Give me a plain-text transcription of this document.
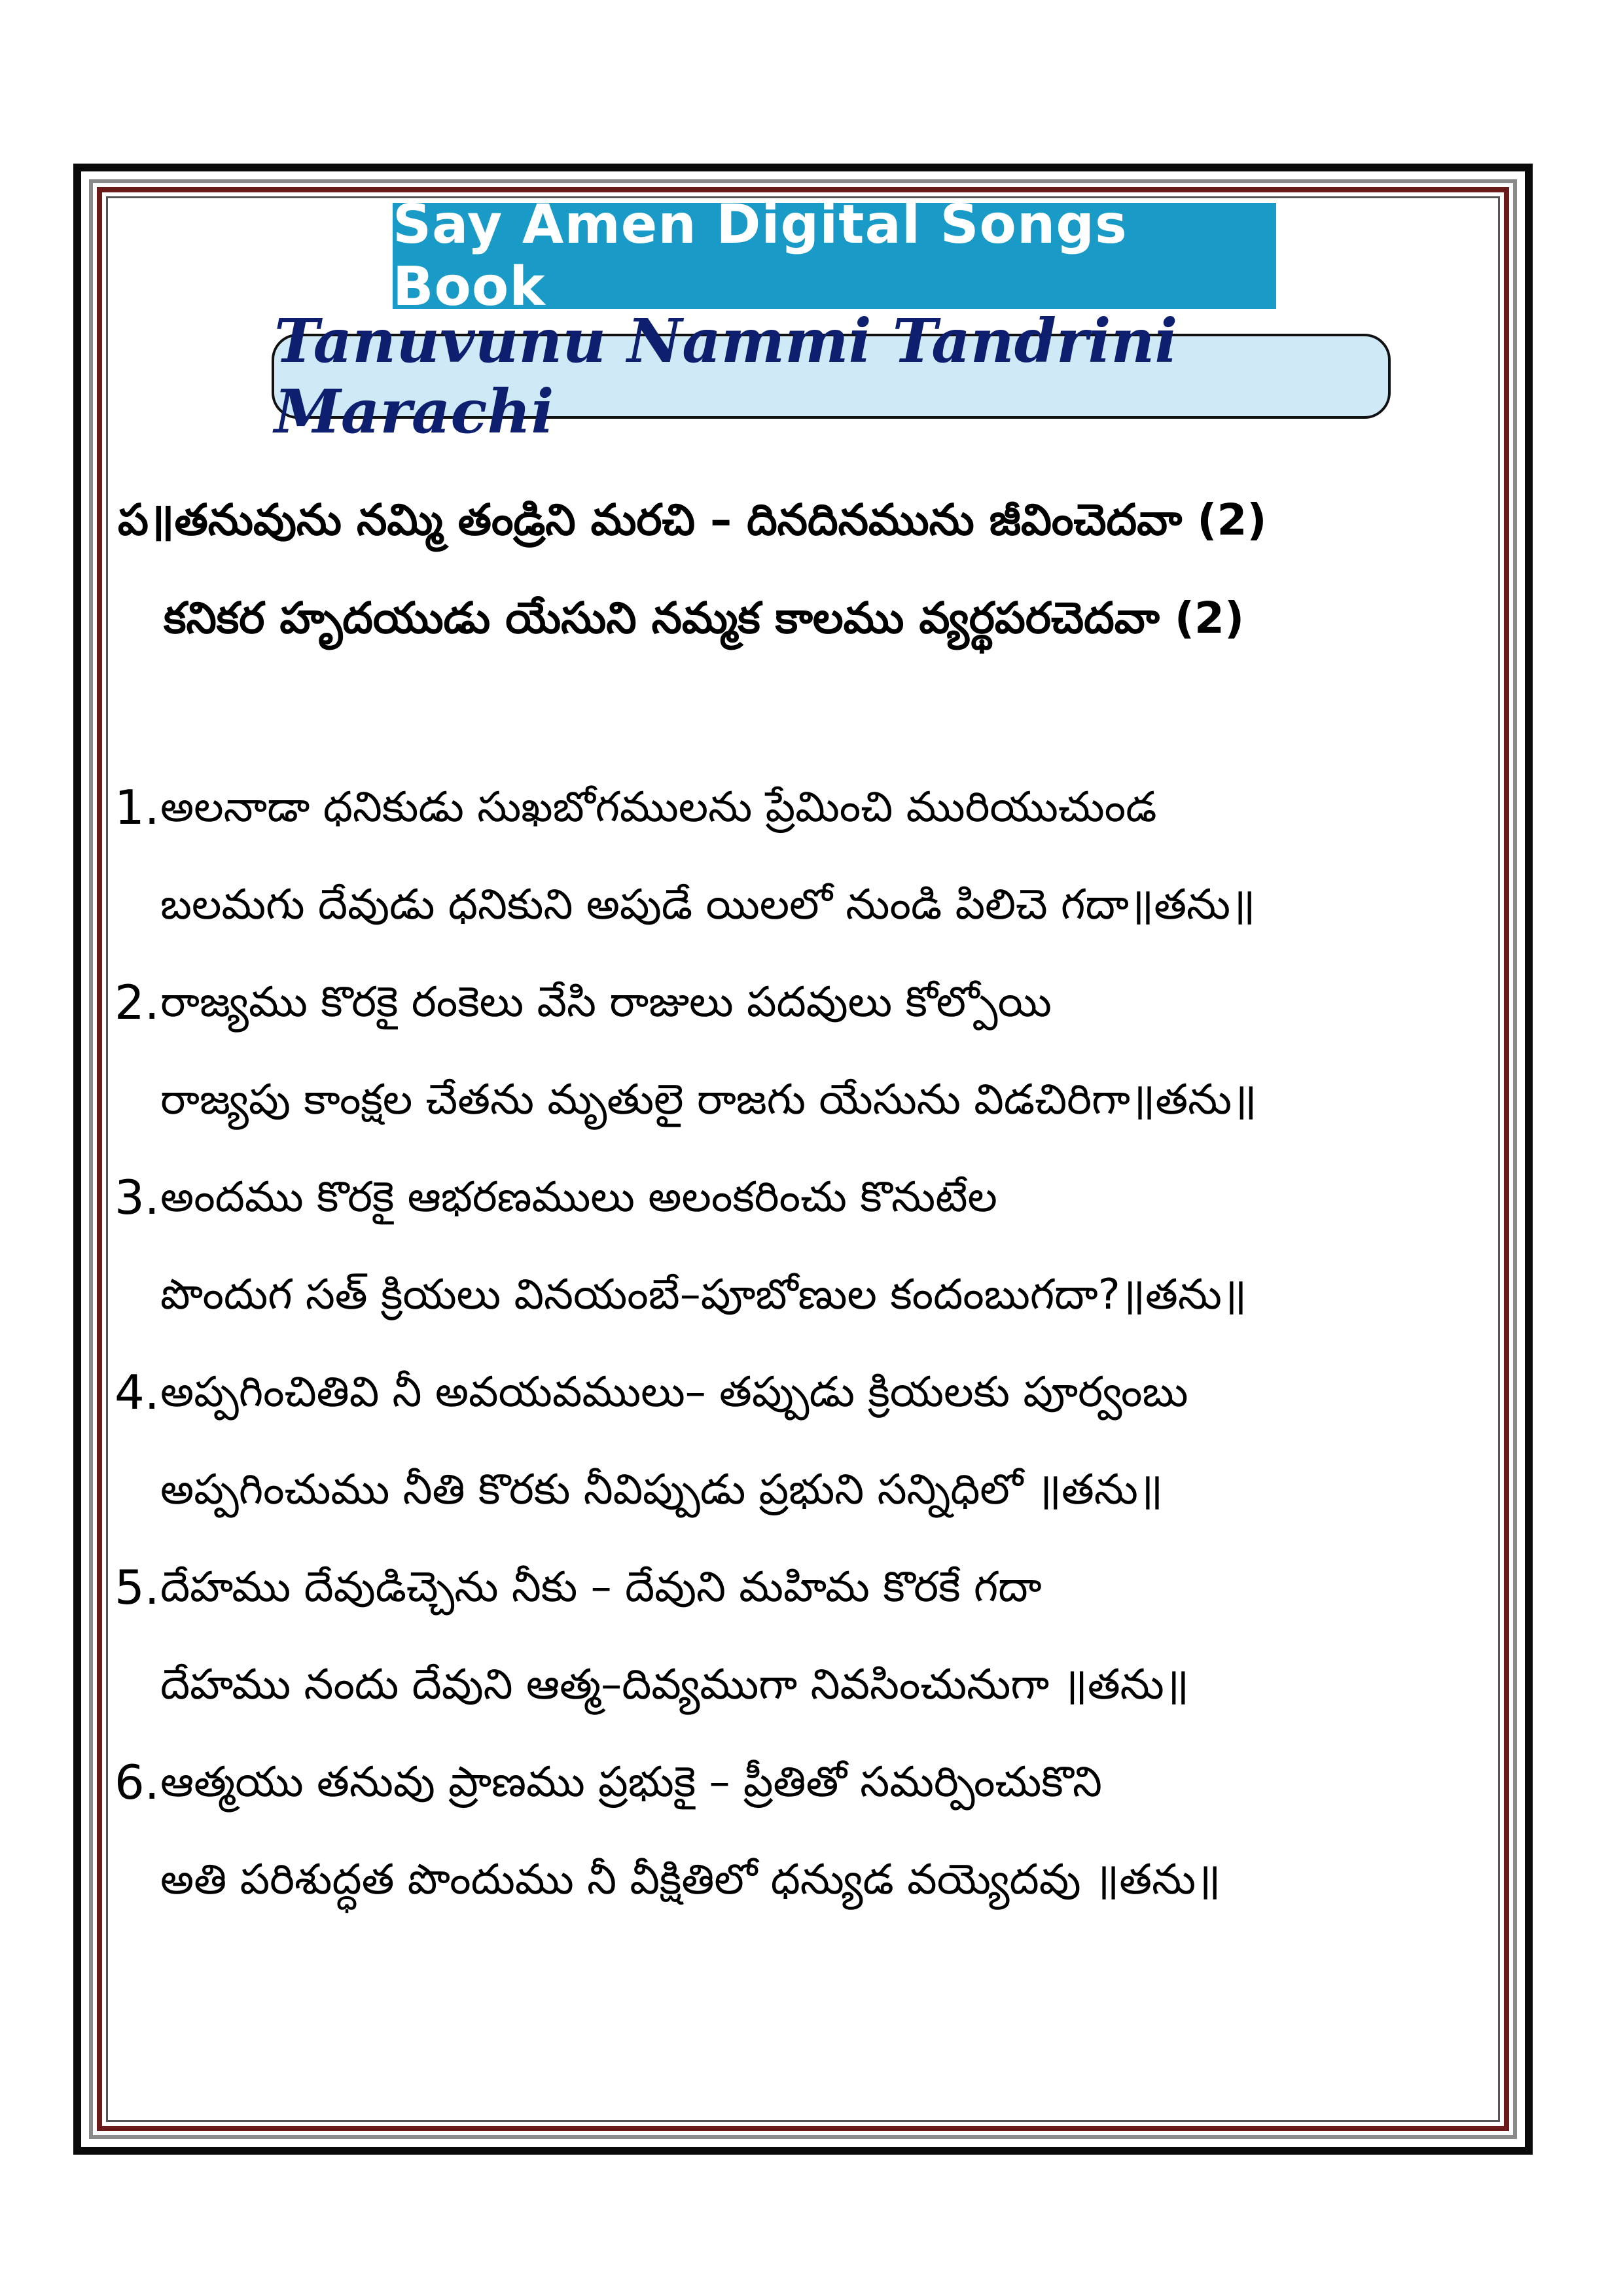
Say Amen Digital Songs Book
Tanuvunu Nammi Tandrini Marachi
ప॥తనువును నమ్మి తండ్రిని మరచి – దినదినమును జీవించెదవా (2)
కనికర హృదయుడు యేసుని నమ్మక కాలము వ్యర్థపరచెదవా (2)
1. అలనాడా ధనికుడు సుఖబోగములను ప్రేమించి మురియుచుండ
బలమగు దేవుడు ధనికుని అపుడే యిలలో నుండి పిలిచె గదా॥తను॥
2. రాజ్యము కొరకై రంకెలు వేసి రాజులు పదవులు కోల్పోయి
రాజ్యపు కాంక్షల చేతను మృతులై రాజగు యేసును విడచిరిగా॥తను॥
3. అందము కొరకై ఆభరణములు అలంకరించు కొనుటేల
పొందుగ సత్ క్రియలు వినయంబే–పూబోణుల కందంబుగదా?॥తను॥
4. అప్పగించితివి నీ అవయవములు– తప్పుడు క్రియలకు పూర్వంబు
అప్పగించుము నీతి కొరకు నీవిప్పుడు ప్రభుని సన్నిధిలో ॥తను॥
5. దేహము దేవుడిచ్చెను నీకు – దేవుని మహిమ కొరకే గదా
దేహము నందు దేవుని ఆత్మ–దివ్యముగా నివసించునుగా ॥తను॥
6. ఆత్మయు తనువు ప్రాణము ప్రభుకై – ప్రీతితో సమర్పించుకొని
అతి పరిశుద్ధత పొందుము నీ వీక్షితిలో ధన్యుడ వయ్యెదవు ॥తను॥
